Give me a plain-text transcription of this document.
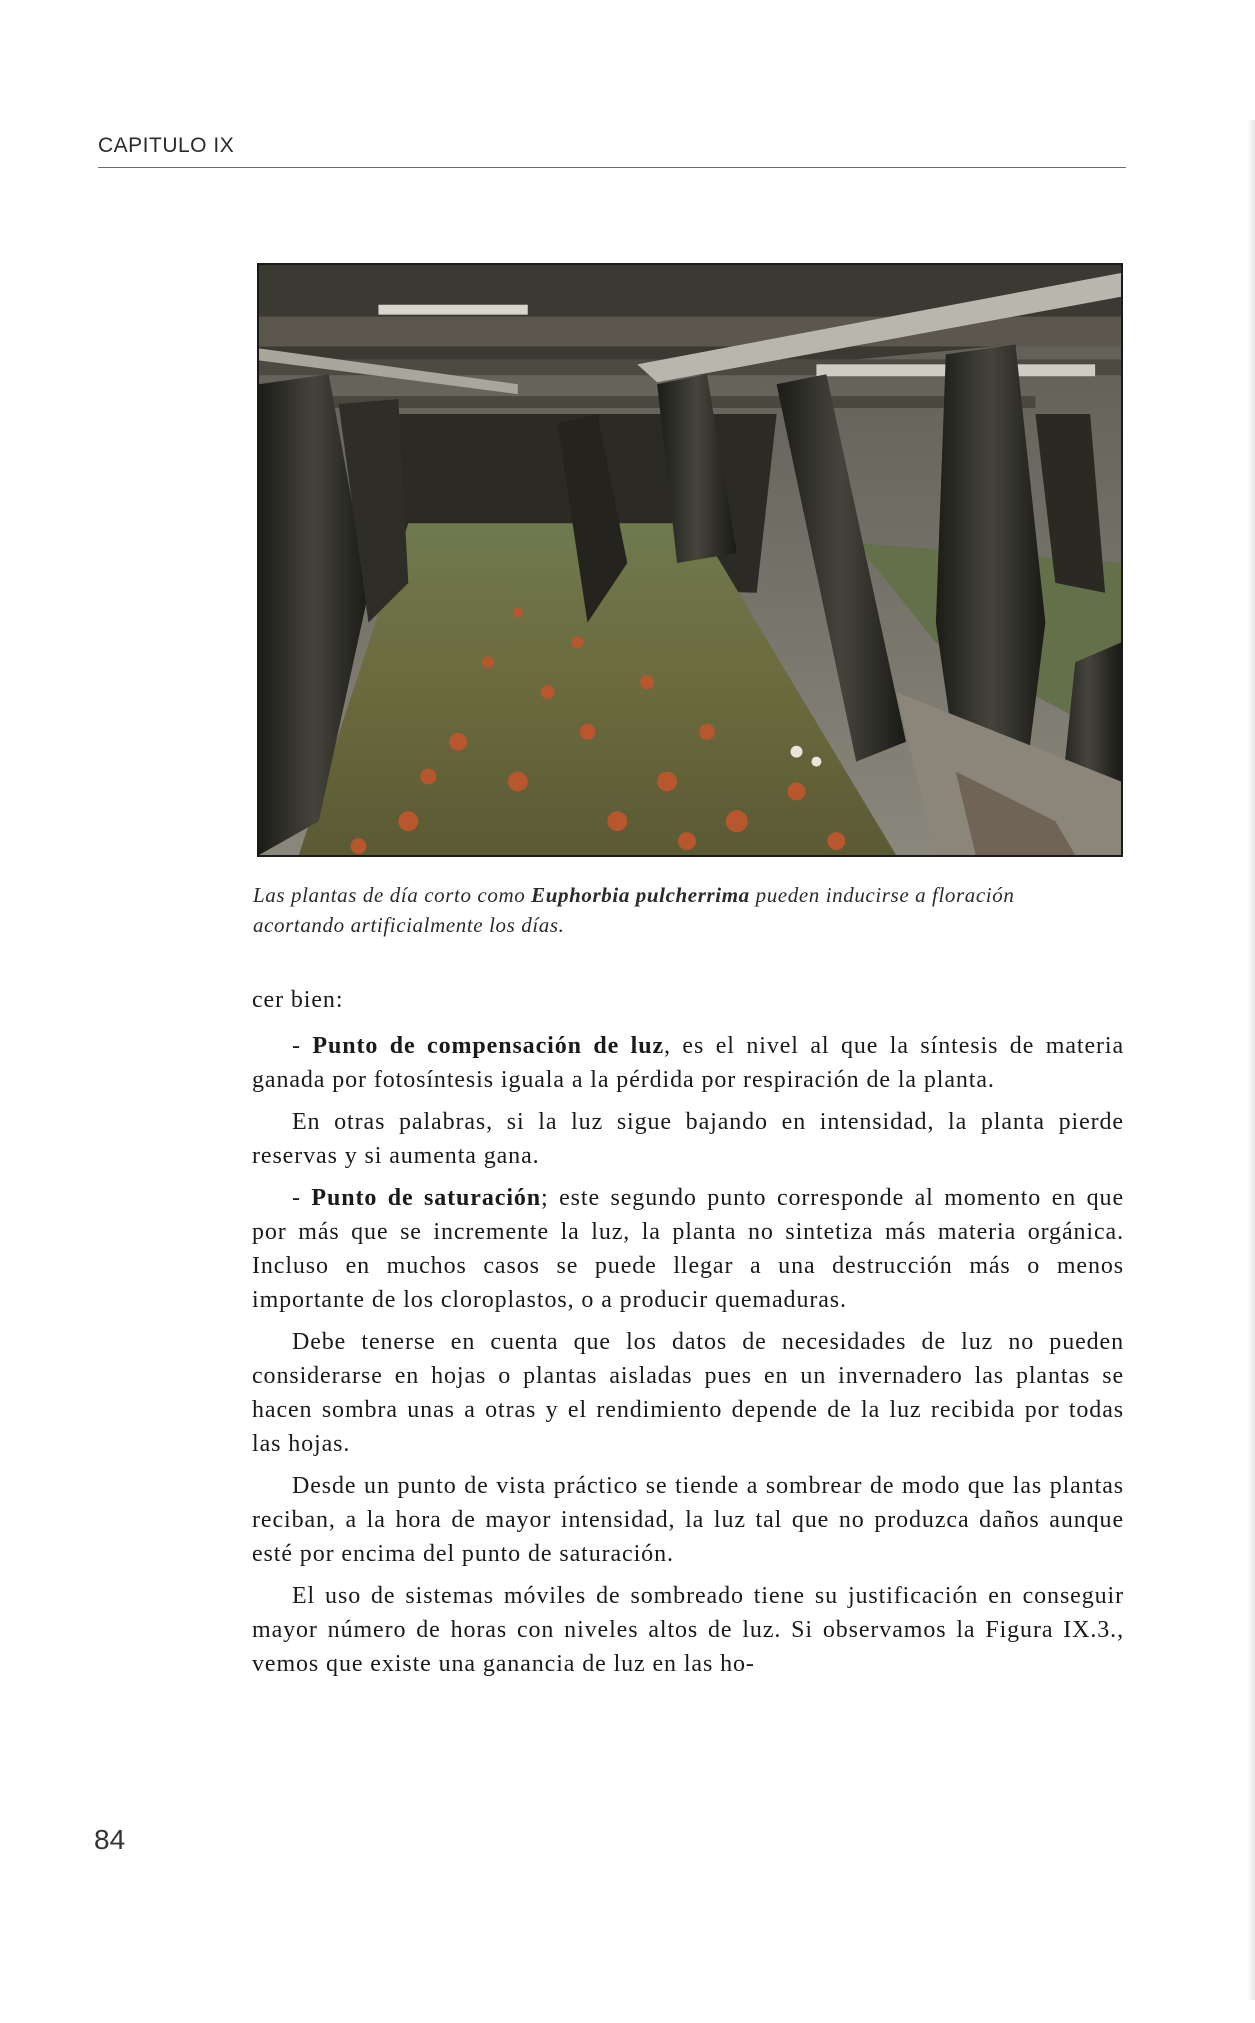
CAPITULO IX
Las plantas de día corto como Euphorbia pulcherrima pueden inducirse a floración acortando artificialmente los días.

cer bien:

- Punto de compensación de luz, es el nivel al que la síntesis de materia ganada por fotosíntesis iguala a la pérdida por respiración de la planta.

En otras palabras, si la luz sigue bajando en intensidad, la planta pierde reservas y si aumenta gana.

- Punto de saturación; este segundo punto corresponde al momento en que por más que se incremente la luz, la planta no sintetiza más materia orgánica. Incluso en muchos casos se puede llegar a una destrucción más o menos importante de los cloroplastos, o a producir quemaduras.

Debe tenerse en cuenta que los datos de necesidades de luz no pueden considerarse en hojas o plantas aisladas pues en un invernadero las plantas se hacen sombra unas a otras y el rendimiento depende de la luz recibida por todas las hojas.

Desde un punto de vista práctico se tiende a sombrear de modo que las plantas reciban, a la hora de mayor intensidad, la luz tal que no produzca daños aunque esté por encima del punto de saturación.

El uso de sistemas móviles de sombreado tiene su justificación en conseguir mayor número de horas con niveles altos de luz. Si observamos la Figura IX.3., vemos que existe una ganancia de luz en las ho-

84
